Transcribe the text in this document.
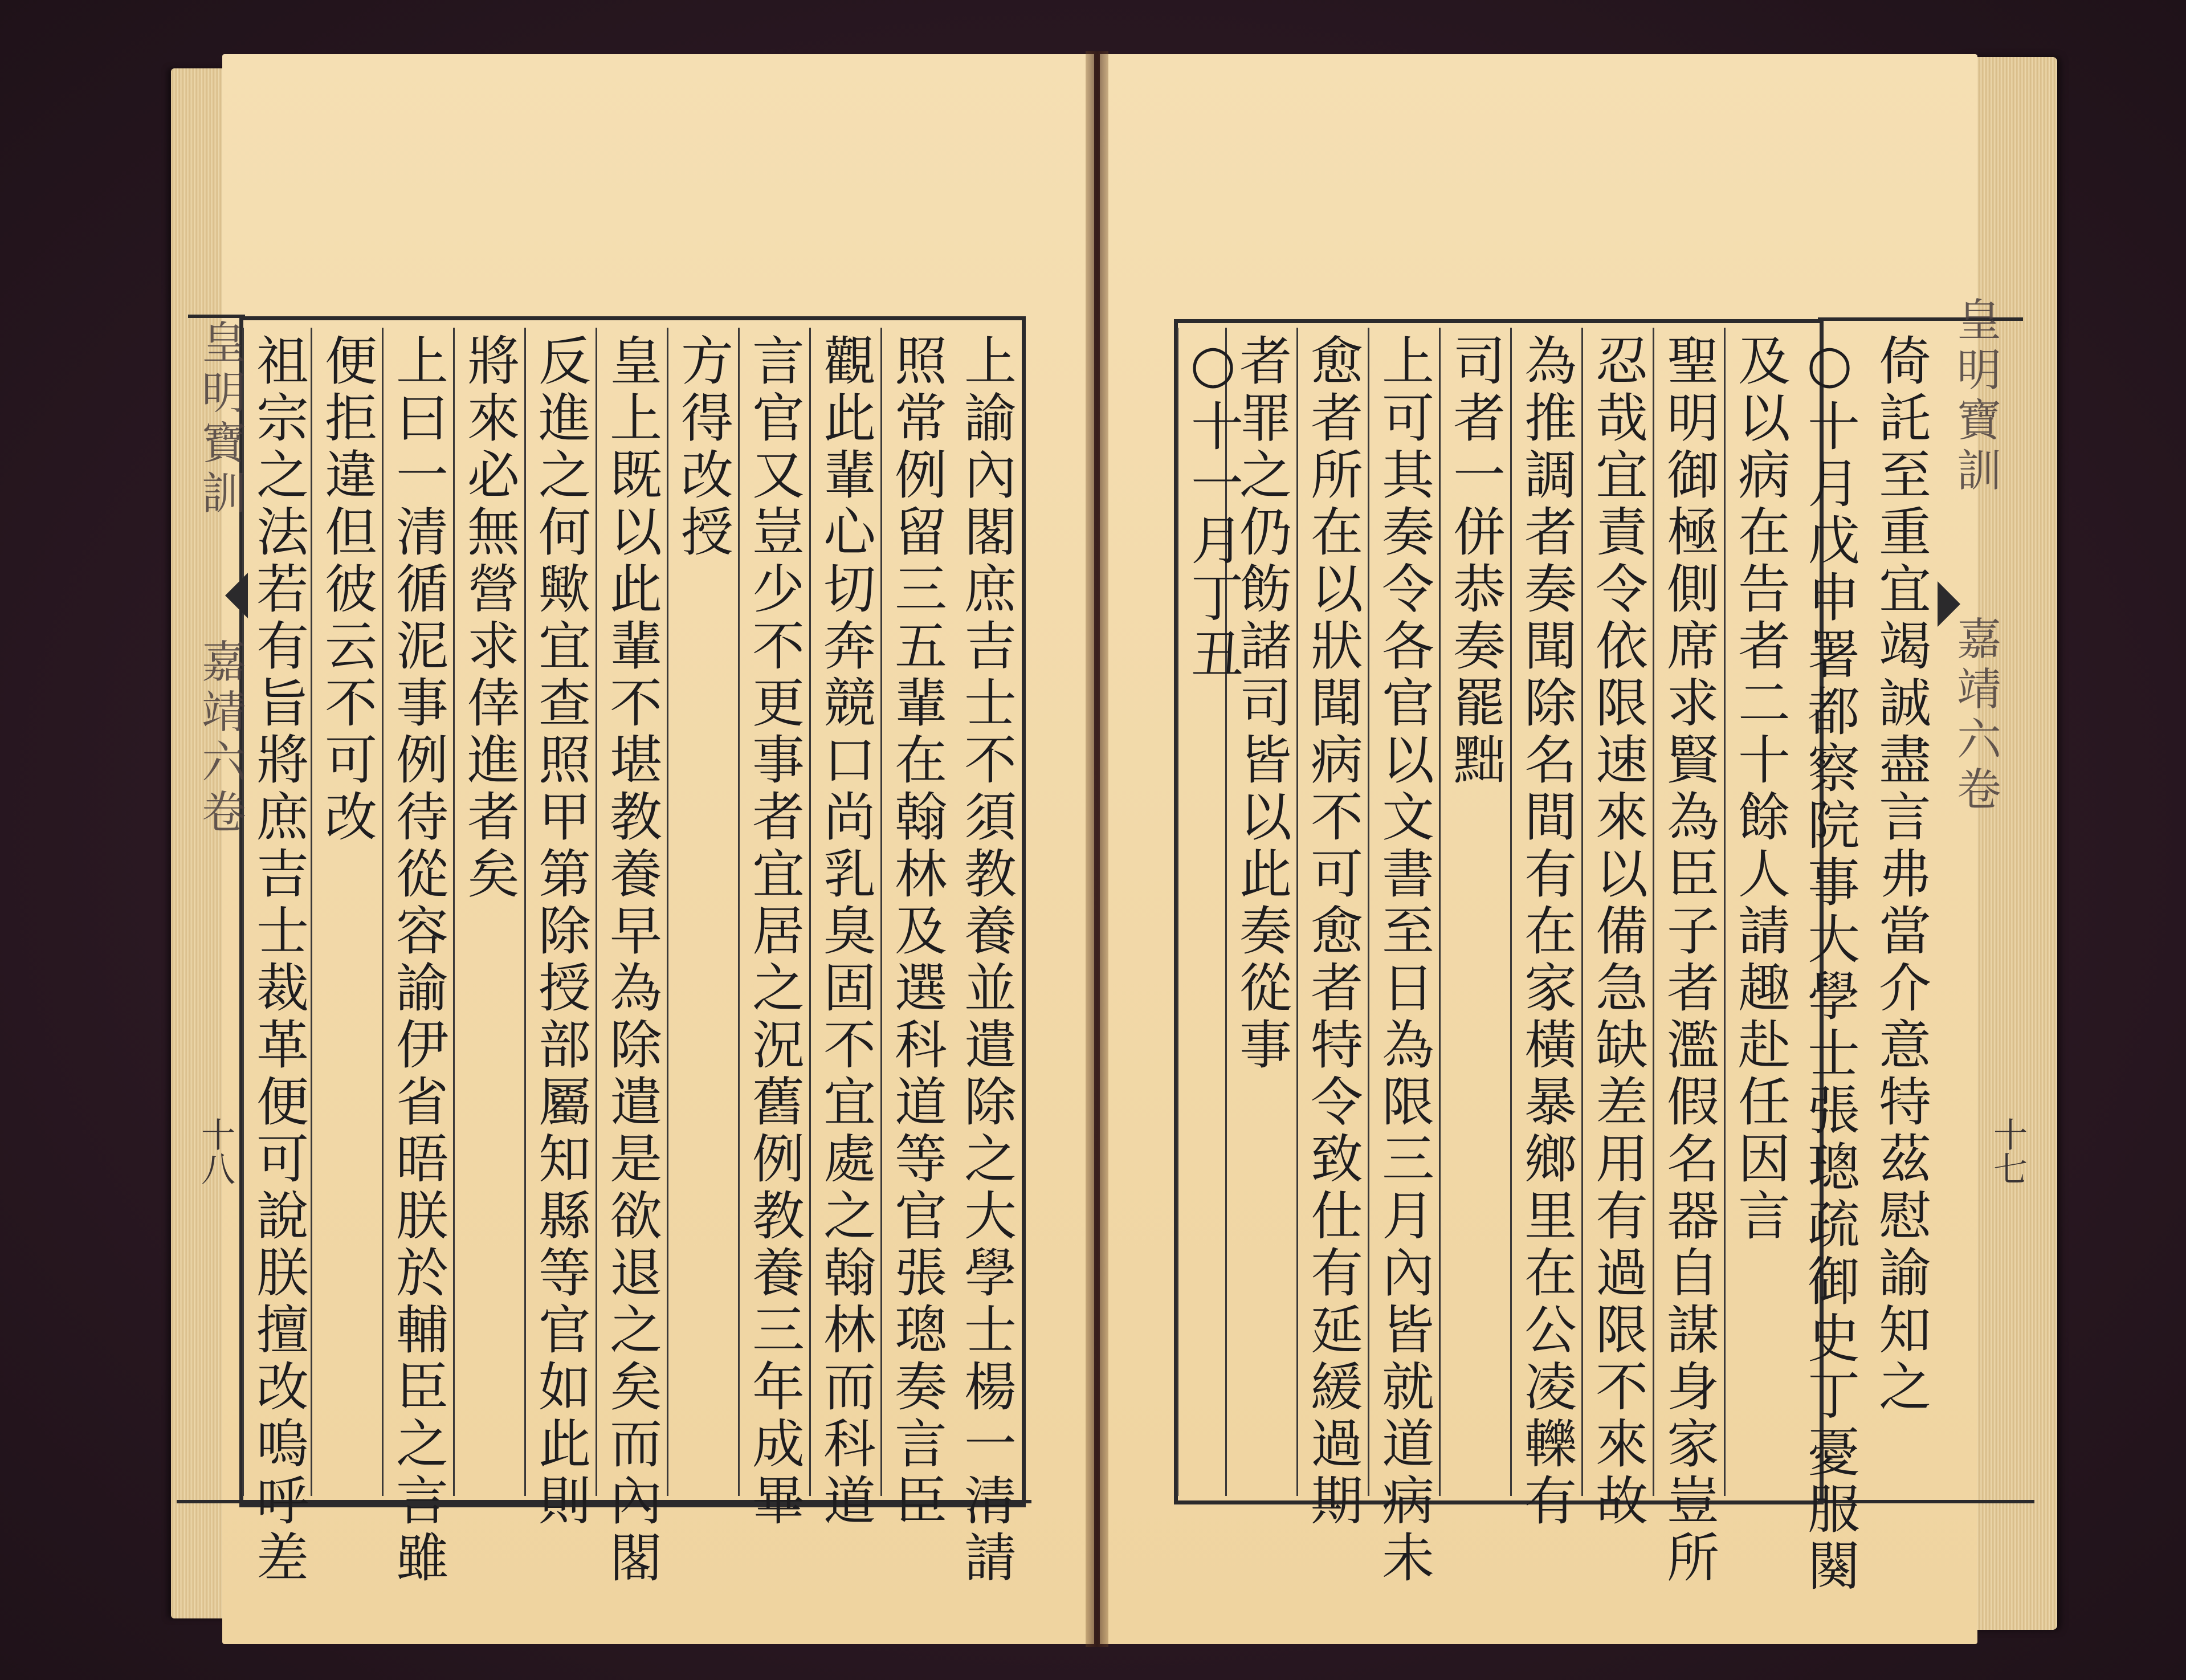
上諭內閣庶吉士不須教養並遣除之大學士楊一清請
照常例留三五輩在翰林及選科道等官張璁奏言臣
觀此輩心切奔競口尚乳臭固不宜處之翰林而科道
言官又豈少不更事者宜居之況舊例教養三年成畢
方得改授
皇上既以此輩不堪教養早為除遣是欲退之矣而內閣
反進之何歟宜查照甲第除授部屬知縣等官如此則
將來必無營求倖進者矣
上曰一清循泥事例待從容諭伊省晤朕於輔臣之言雖
便拒違但彼云不可改
祖宗之法若有旨將庶吉士裁革便可說朕擅改嗚呼差
皇明寶訓
嘉靖六卷
十八	倚託至重宜竭誠盡言弗當介意特茲慰諭知之
○十月戊申署都察院事大學士張璁疏御史丁憂服闋
及以病在告者二十餘人請趣赴任因言
聖明御極側席求賢為臣子者濫假名器自謀身家豈所
忍哉宜責令依限速來以備急缺差用有過限不來故
為推調者奏聞除名間有在家橫暴鄉里在公凌轢有
司者一併恭奏罷黜
上可其奏令各官以文書至日為限三月內皆就道病未
愈者所在以狀聞病不可愈者特令致仕有延緩過期
者罪之仍飭諸司皆以此奏從事
○十一月丁丑	皇明寶訓
嘉靖六卷
十七
